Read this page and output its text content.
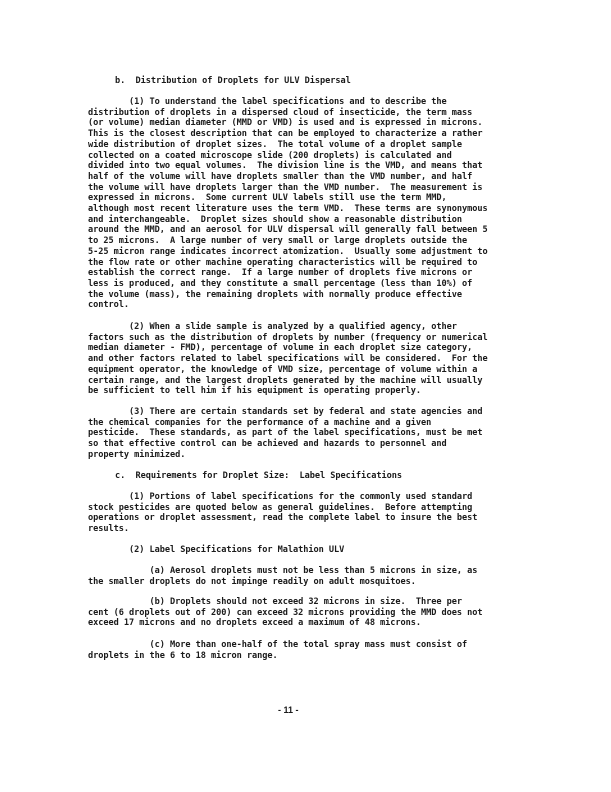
b.  Distribution of Droplets for ULV Dispersal
(1) To understand the label specifications and to describe the
distribution of droplets in a dispersed cloud of insecticide, the term mass
(or volume) median diameter (MMD or VMD) is used and is expressed in microns.
This is the closest description that can be employed to characterize a rather
wide distribution of droplet sizes.  The total volume of a droplet sample
collected on a coated microscope slide (200 droplets) is calculated and
divided into two equal volumes.  The division line is the VMD, and means that
half of the volume will have droplets smaller than the VMD number, and half
the volume will have droplets larger than the VMD number.  The measurement is
expressed in microns.  Some current ULV labels still use the term MMD,
although most recent literature uses the term VMD.  These terms are synonymous
and interchangeable.  Droplet sizes should show a reasonable distribution
around the MMD, and an aerosol for ULV dispersal will generally fall between 5
to 25 microns.  A large number of very small or large droplets outside the
5-25 micron range indicates incorrect atomization.  Usually some adjustment to
the flow rate or other machine operating characteristics will be required to
establish the correct range.  If a large number of droplets five microns or
less is produced, and they constitute a small percentage (less than 10%) of
the volume (mass), the remaining droplets with normally produce effective
control.
(2) When a slide sample is analyzed by a qualified agency, other
factors such as the distribution of droplets by number (frequency or numerical
median diameter - FMD), percentage of volume in each droplet size category,
and other factors related to label specifications will be considered.  For the
equipment operator, the knowledge of VMD size, percentage of volume within a
certain range, and the largest droplets generated by the machine will usually
be sufficient to tell him if his equipment is operating properly.
(3) There are certain standards set by federal and state agencies and
the chemical companies for the performance of a machine and a given
pesticide.  These standards, as part of the label specifications, must be met
so that effective control can be achieved and hazards to personnel and
property minimized.
c.  Requirements for Droplet Size:  Label Specifications
(1) Portions of label specifications for the commonly used standard
stock pesticides are quoted below as general guidelines.  Before attempting
operations or droplet assessment, read the complete label to insure the best
results.
(2) Label Specifications for Malathion ULV
(a) Aerosol droplets must not be less than 5 microns in size, as
the smaller droplets do not impinge readily on adult mosquitoes.
(b) Droplets should not exceed 32 microns in size.  Three per
cent (6 droplets out of 200) can exceed 32 microns providing the MMD does not
exceed 17 microns and no droplets exceed a maximum of 48 microns.
(c) More than one-half of the total spray mass must consist of
droplets in the 6 to 18 micron range.
- 11 -
